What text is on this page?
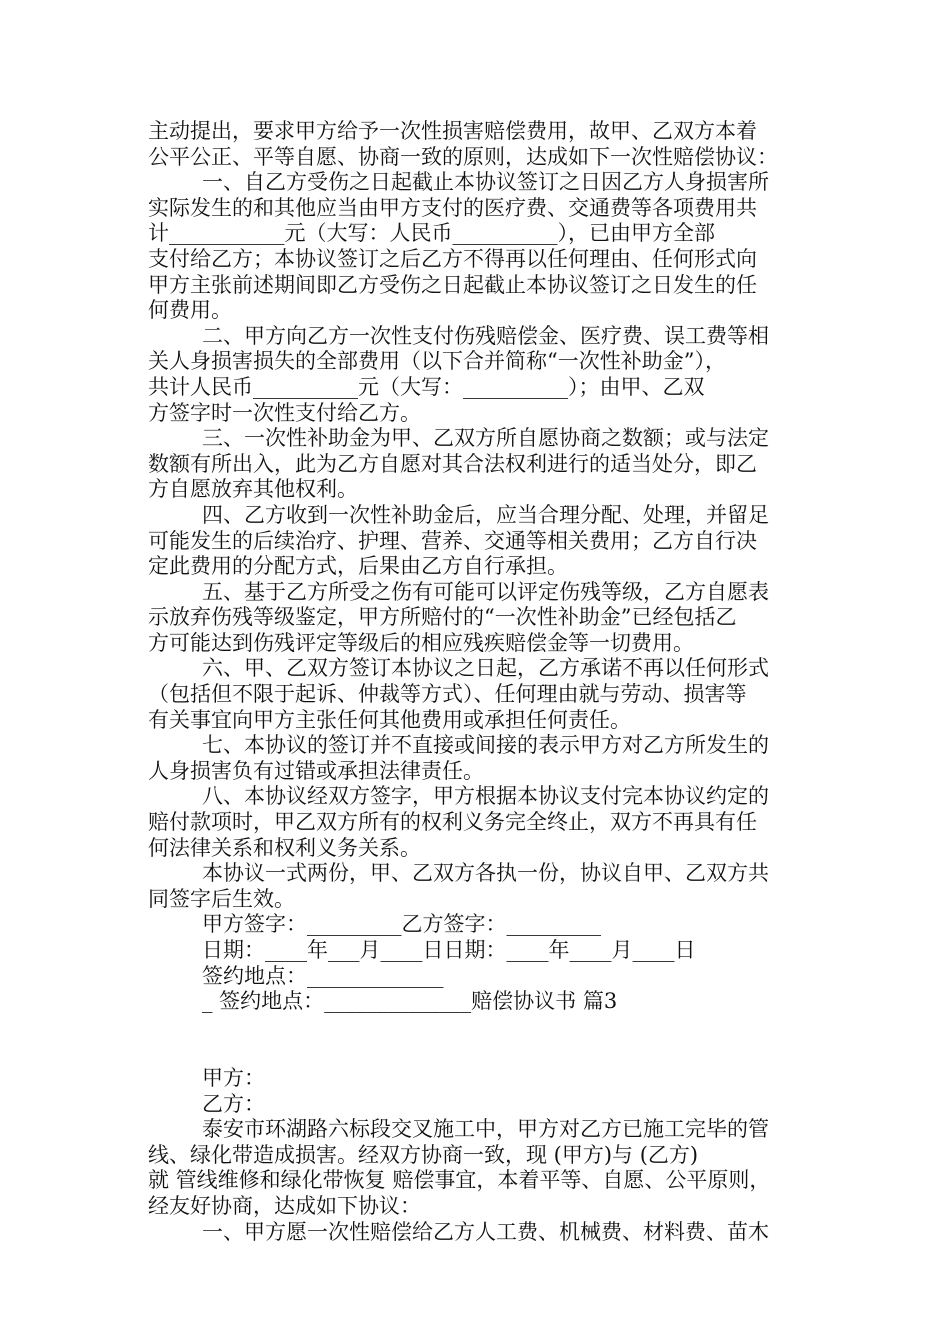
主动提出，要求甲方给予一次性损害赔偿费用，故甲、乙双方本着
公平公正、平等自愿、协商一致的原则，达成如下一次性赔偿协议：
一、自乙方受伤之日起截止本协议签订之日因乙方人身损害所
实际发生的和其他应当由甲方支付的医疗费、交通费等各项费用共
计___________元（大写：人民币__________），已由甲方全部
支付给乙方；本协议签订之后乙方不得再以任何理由、任何形式向
甲方主张前述期间即乙方受伤之日起截止本协议签订之日发生的任
何费用。
二、甲方向乙方一次性支付伤残赔偿金、医疗费、误工费等相
关人身损害损失的全部费用（以下合并简称“一次性补助金”），
共计人民币__________元（大写：__________）；由甲、乙双
方签字时一次性支付给乙方。
三、一次性补助金为甲、乙双方所自愿协商之数额；或与法定
数额有所出入，此为乙方自愿对其合法权利进行的适当处分，即乙
方自愿放弃其他权利。
四、乙方收到一次性补助金后，应当合理分配、处理，并留足
可能发生的后续治疗、护理、营养、交通等相关费用；乙方自行决
定此费用的分配方式，后果由乙方自行承担。
五、基于乙方所受之伤有可能可以评定伤残等级，乙方自愿表
示放弃伤残等级鉴定，甲方所赔付的“一次性补助金”已经包括乙
方可能达到伤残评定等级后的相应残疾赔偿金等一切费用。
六、甲、乙双方签订本协议之日起，乙方承诺不再以任何形式
（包括但不限于起诉、仲裁等方式）、任何理由就与劳动、损害等
有关事宜向甲方主张任何其他费用或承担任何责任。
七、本协议的签订并不直接或间接的表示甲方对乙方所发生的
人身损害负有过错或承担法律责任。
八、本协议经双方签字，甲方根据本协议支付完本协议约定的
赔付款项时，甲乙双方所有的权利义务完全终止，双方不再具有任
何法律关系和权利义务关系。
本协议一式两份，甲、乙双方各执一份，协议自甲、乙双方共
同签字后生效。
甲方签字：_________乙方签字：_________
日期：____年___月____日日期：____年____月____日
签约地点：_____________
_ 签约地点：______________赔偿协议书 篇3
甲方：
乙方：
泰安市环湖路六标段交叉施工中，甲方对乙方已施工完毕的管
线、绿化带造成损害。经双方协商一致，现 (甲方)与 (乙方)
就 管线维修和绿化带恢复 赔偿事宜，本着平等、自愿、公平原则，
经友好协商，达成如下协议：
一、甲方愿一次性赔偿给乙方人工费、机械费、材料费、苗木
